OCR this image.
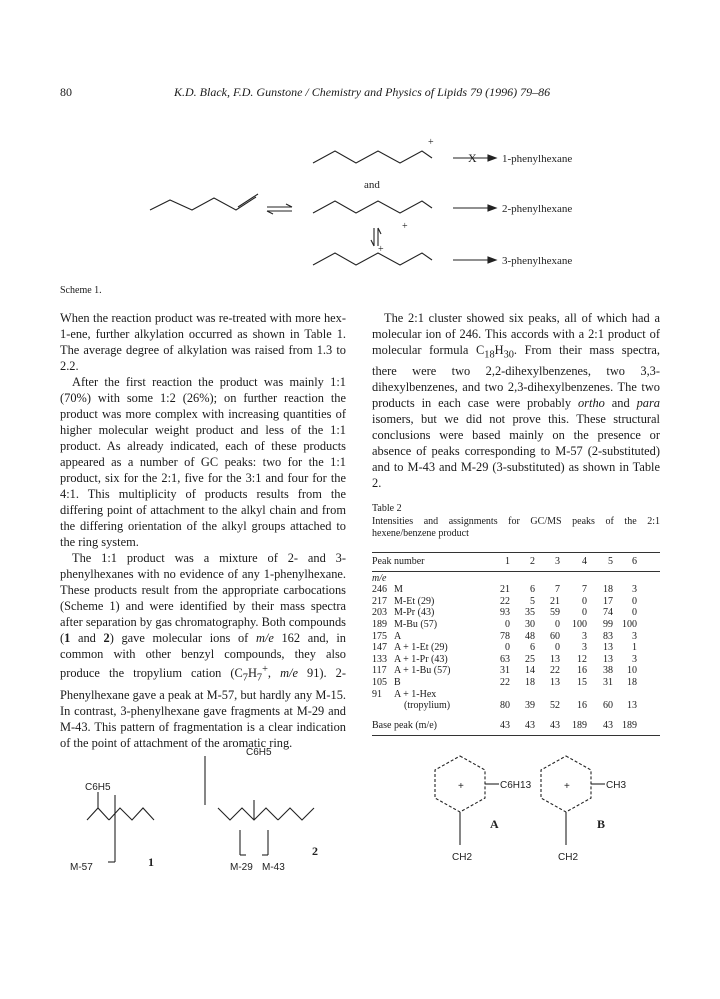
80	K.D. Black, F.D. Gunstone / Chemistry and Physics of Lipids 79 (1996) 79–86
+
+
+
and
X 1-phenylhexane
2-phenylhexane
3-phenylhexane
Scheme 1.

When the reaction product was re-treated with more hex-1-ene, further alkylation occurred as shown in Table 1. The average degree of alkylation was raised from 1.3 to 2.2.

After the first reaction the product was mainly 1:1 (70%) with some 1:2 (26%); on further reaction the product was more complex with increasing quantities of higher molecular weight product and less of the 1:1 product. As already indicated, each of these products appeared as a number of GC peaks: two for the 1:1 product, six for the 2:1, five for the 3:1 and four for the 4:1. This multiplicity of products results from the differing point of attachment to the alkyl chain and from the differing orientation of the alkyl groups attached to the ring system.

The 1:1 product was a mixture of 2- and 3-phenylhexanes with no evidence of any 1-phenylhexane. These products result from the appropriate carbocations (Scheme 1) and were identified by their mass spectra after separation by gas chromatography. Both compounds (1 and 2) gave molecular ions of m/e 162 and, in common with other benzyl compounds, they also produce the tropylium cation ($C_7H_7^+$, m/e 91). 2-Phenylhexane gave a peak at M-57, but hardly any M-15. In contrast, 3-phenylhexane gave fragments at M-29 and M-43. This pattern of fragmentation is a clear indication of the point of attachment of the aromatic ring.

The 2:1 cluster showed six peaks, all of which had a molecular ion of 246. This accords with a 2:1 product of molecular formula $C_{18}H_{30}$. From their mass spectra, there were two 2,2-dihexylbenzenes, two 3,3-dihexylbenzenes, and two 2,3-dihexylbenzenes. The two products in each case were probably ortho and para isomers, but we did not prove this. These structural conclusions were based mainly on the presence or absence of peaks corresponding to M-57 (2-substituted) and to M-43 and M-29 (3-substituted) as shown in Table 2.

Table 2
Intensities and assignments for GC/MS peaks of the 2:1 hexene/benzene product
Peak number		1	2	3	4	5	6	

m/e								
246	M	21	6	7	7	18	3	
217	M-Et (29)	22	5	21	0	17	0	
203	M-Pr (43)	93	35	59	0	74	0	
189	M-Bu (57)	0	30	0	100	99	100	
175	A	78	48	60	3	83	3	
147	A + 1-Et (29)	0	6	0	3	13	1	
133	A + 1-Pr (43)	63	25	13	12	13	3	
117	A + 1-Bu (57)	31	14	22	16	38	10	
105	B	22	18	13	15	31	18	
91	A + 1-Hex							
	(tropylium)	80	39	52	16	60	13	

Base peak (m/e)		43	43	43	189	43	189	
C6H5
C6H5
M-57	M-29 M-43
C6H13	CH3
CH2	CH2
+	+
1
2
A	B
